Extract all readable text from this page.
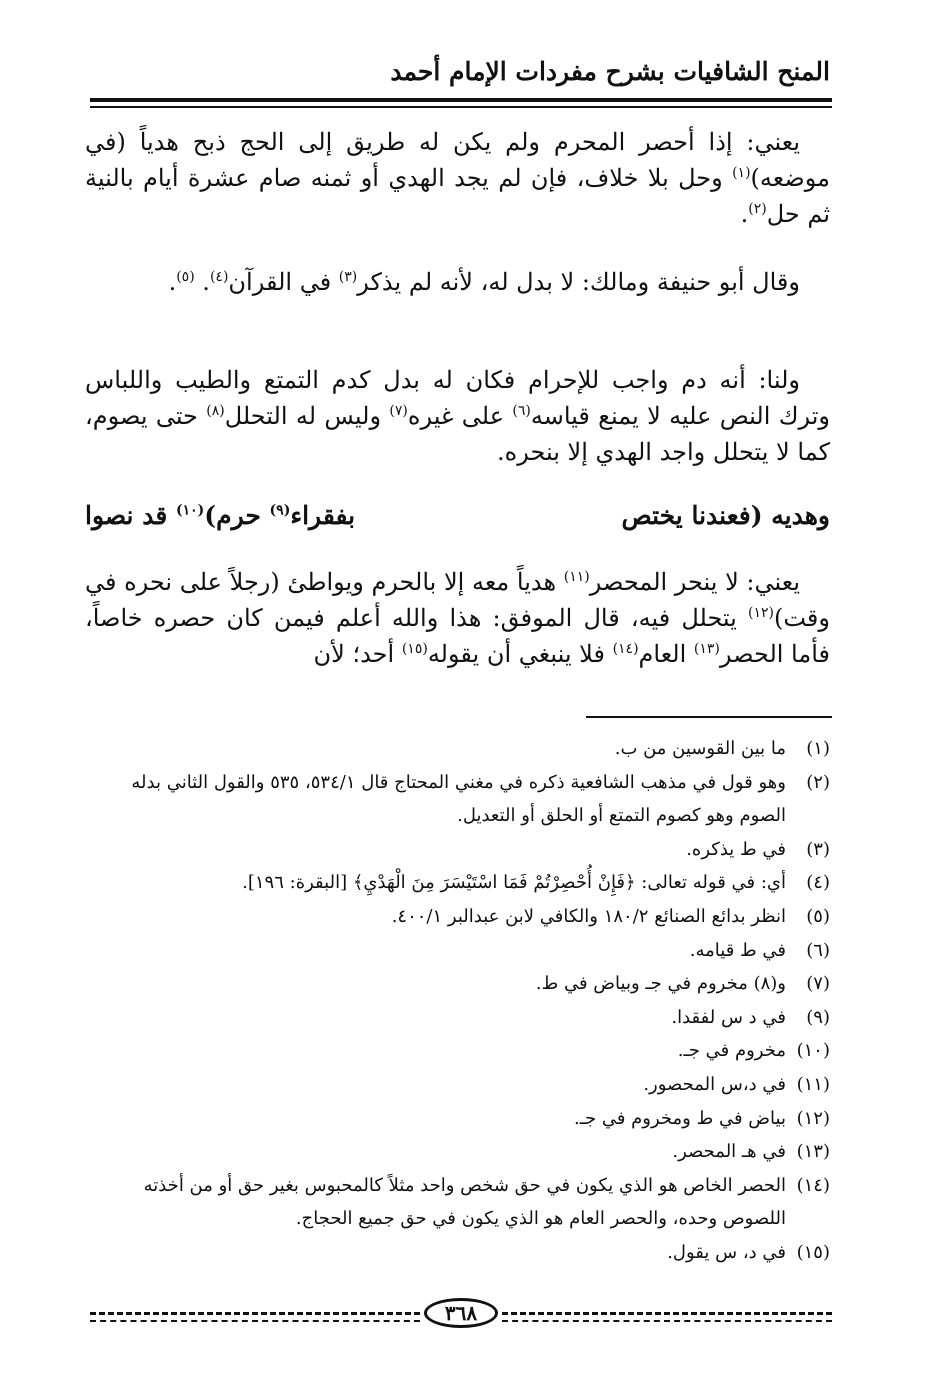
المنح الشافيات بشرح مفردات الإمام أحمد

يعني: إذا أحصر المحرم ولم يكن له طريق إلى الحج ذبح هدياً (في موضعه)$^{(١)}$ وحل بلا خلاف، فإن لم يجد الهدي أو ثمنه صام عشرة أيام بالنية ثم حل$^{(٢)}$.

وقال أبو حنيفة ومالك: لا بدل له، لأنه لم يذكر$^{(٣)}$ في القرآن$^{(٤)}$. $^{(٥)}$.

ولنا: أنه دم واجب للإحرام فكان له بدل كدم التمتع والطيب واللباس وترك النص عليه لا يمنع قياسه$^{(٦)}$ على غيره$^{(٧)}$ وليس له التحلل$^{(٨)}$ حتى يصوم، كما لا يتحلل واجد الهدي إلا بنحره.

وهديه (فعندنا يختص
بفقراء$^{(٩)}$ حرم)$^{(١٠)}$ قد نصوا

يعني: لا ينحر المحصر$^{(١١)}$ هدياً معه إلا بالحرم ويواطئ (رجلاً على نحره في وقت)$^{(١٢)}$ يتحلل فيه، قال الموفق: هذا والله أعلم فيمن كان حصره خاصاً، فأما الحصر$^{(١٣)}$ العام$^{(١٤)}$ فلا ينبغي أن يقوله$^{(١٥)}$ أحد؛ لأن

(١)
ما بين القوسين من ب.
(٢)
وهو قول في مذهب الشافعية ذكره في مغني المحتاج قال ٥٣٤/١، ٥٣٥ والقول الثاني بدله الصوم وهو كصوم التمتع أو الحلق أو التعديل.
(٣)
في ط يذكره.
(٤)
أي: في قوله تعالى: ﴿فَإِنْ أُحْصِرْتُمْ فَمَا اسْتَيْسَرَ مِنَ الْهَدْيِ﴾ [البقرة: ١٩٦].
(٥)
انظر بدائع الصنائع ١٨٠/٢ والكافي لابن عبدالبر ٤٠٠/١.
(٦)
في ط قيامه.
(٧)
و(٨) مخروم في جـ وبياض في ط.
(٩)
في د س لفقدا.
(١٠)
مخروم في جـ.
(١١)
في د،س المحصور.
(١٢)
بياض في ط ومخروم في جـ.
(١٣)
في هـ المحصر.
(١٤)
الحصر الخاص هو الذي يكون في حق شخص واحد مثلاً كالمحبوس بغير حق أو من أخذته اللصوص وحده، والحصر العام هو الذي يكون في حق جميع الحجاج.
(١٥)
في د، س يقول.
٣٦٨
